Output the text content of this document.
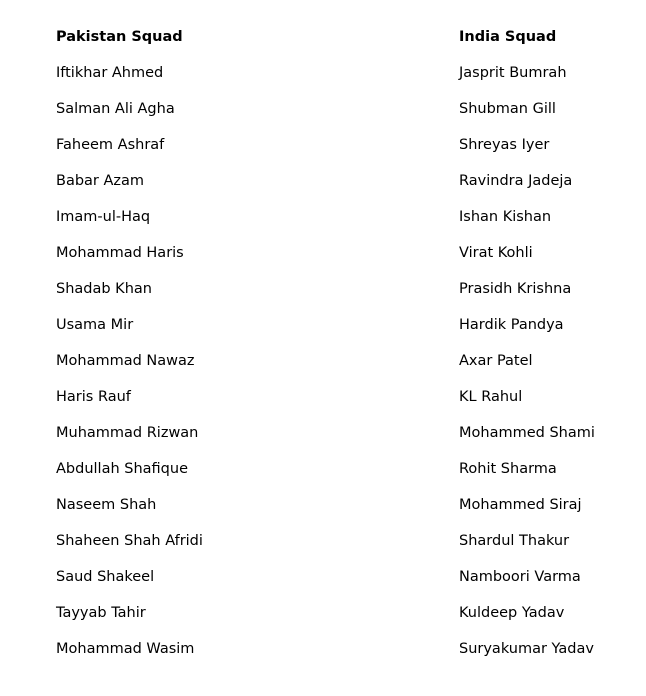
Pakistan Squad
Iftikhar Ahmed
Salman Ali Agha
Faheem Ashraf
Babar Azam
Imam-ul-Haq
Mohammad Haris
Shadab Khan
Usama Mir
Mohammad Nawaz
Haris Rauf
Muhammad Rizwan
Abdullah Shafique
Naseem Shah
Shaheen Shah Afridi
Saud Shakeel
Tayyab Tahir
Mohammad Wasim
India Squad
Jasprit Bumrah
Shubman Gill
Shreyas Iyer
Ravindra Jadeja
Ishan Kishan
Virat Kohli
Prasidh Krishna
Hardik Pandya
Axar Patel
KL Rahul
Mohammed Shami
Rohit Sharma
Mohammed Siraj
Shardul Thakur
Namboori Varma
Kuldeep Yadav
Suryakumar Yadav
